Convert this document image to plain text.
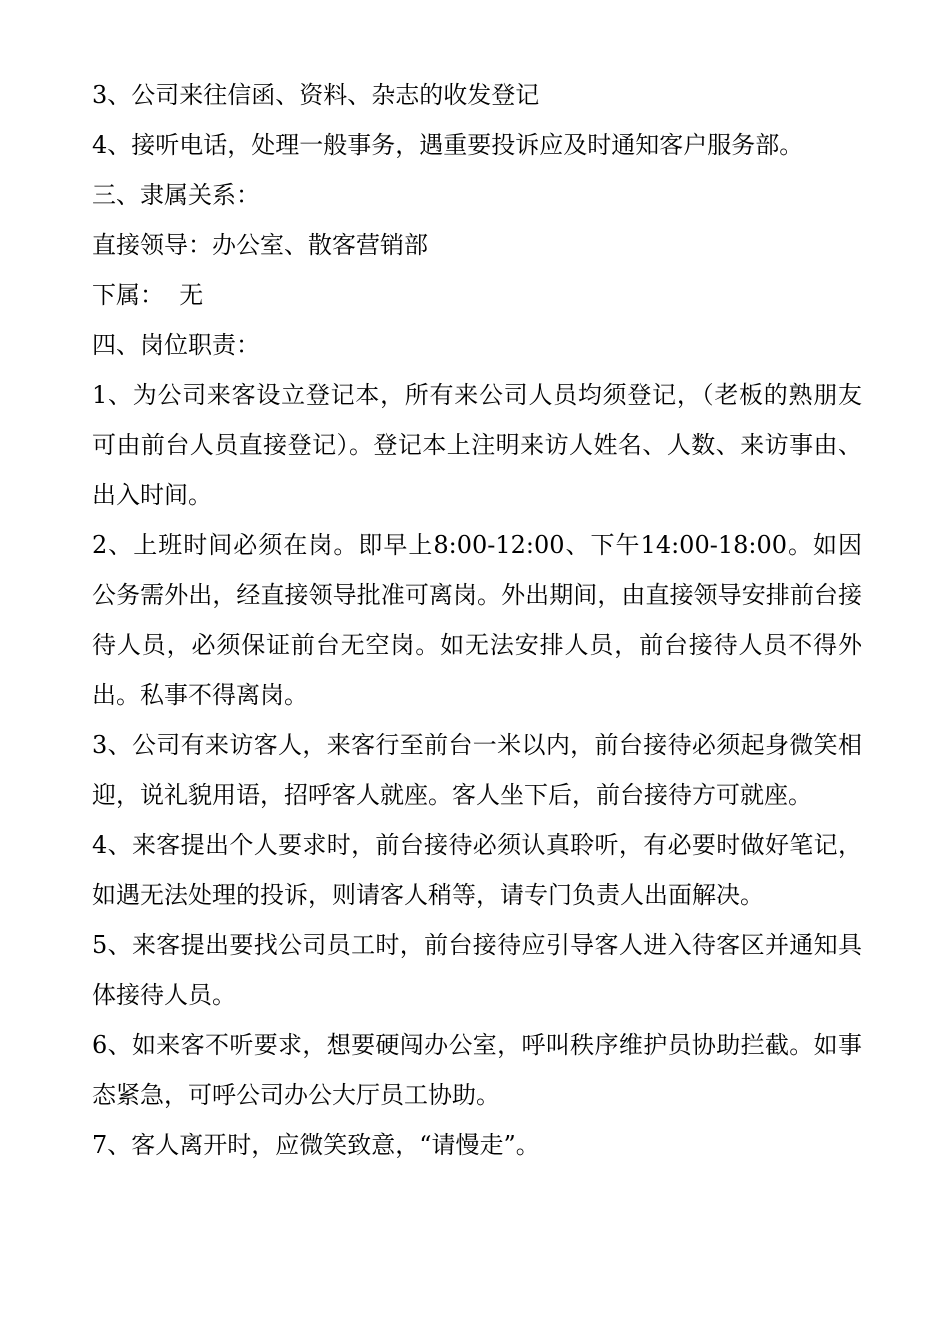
3、公司来往信函、资料、杂志的收发登记

4、接听电话，处理一般事务，遇重要投诉应及时通知客户服务部。

三、隶属关系：

直接领导：办公室、散客营销部

下属：  无

四、岗位职责：

1、为公司来客设立登记本，所有来公司人员均须登记，（老板的熟朋友可由前台人员直接登记）。登记本上注明来访人姓名、人数、来访事由、出入时间。

2、上班时间必须在岗。即早上8:00-12:00、下午14:00-18:00。如因公务需外出，经直接领导批准可离岗。外出期间，由直接领导安排前台接待人员，必须保证前台无空岗。如无法安排人员，前台接待人员不得外出。私事不得离岗。

3、公司有来访客人，来客行至前台一米以内，前台接待必须起身微笑相迎，说礼貌用语，招呼客人就座。客人坐下后，前台接待方可就座。

4、来客提出个人要求时，前台接待必须认真聆听，有必要时做好笔记，如遇无法处理的投诉，则请客人稍等，请专门负责人出面解决。

5、来客提出要找公司员工时，前台接待应引导客人进入待客区并通知具体接待人员。

6、如来客不听要求，想要硬闯办公室，呼叫秩序维护员协助拦截。如事态紧急，可呼公司办公大厅员工协助。

7、客人离开时，应微笑致意，“请慢走”。
